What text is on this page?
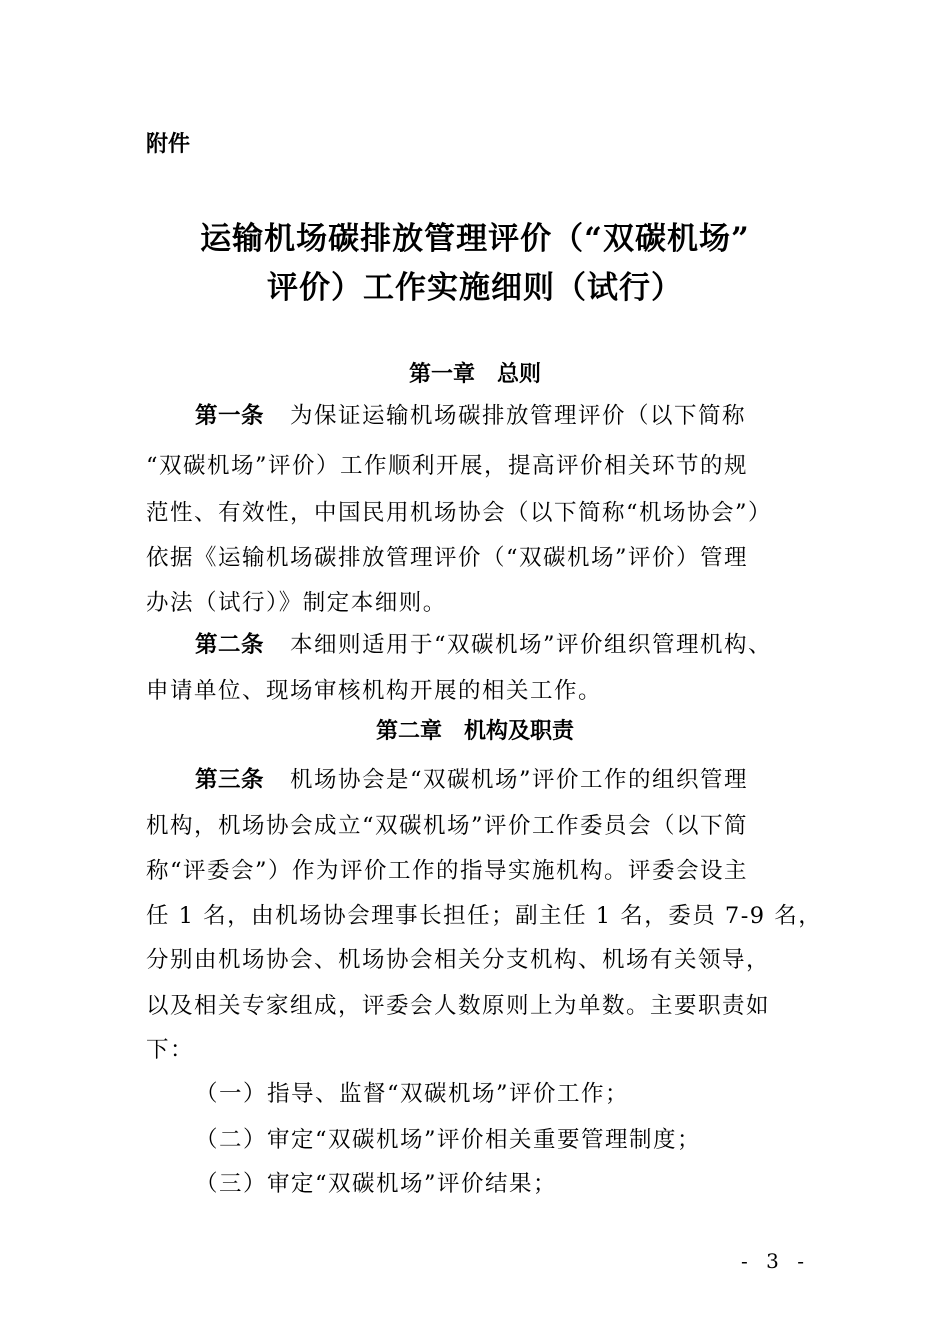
附件
运输机场碳排放管理评价（“双碳机场”
评价）工作实施细则（试行）
第一章　总则
第一条 为保证运输机场碳排放管理评价（以下简称
“双碳机场”评价）工作顺利开展，提高评价相关环节的规
范性、有效性，中国民用机场协会（以下简称“机场协会”）
依据《运输机场碳排放管理评价（“双碳机场”评价）管理
办法（试行）》制定本细则。
第二条 本细则适用于“双碳机场”评价组织管理机构、
申请单位、现场审核机构开展的相关工作。
第二章　机构及职责
第三条 机场协会是“双碳机场”评价工作的组织管理
机构，机场协会成立“双碳机场”评价工作委员会（以下简
称“评委会”）作为评价工作的指导实施机构。评委会设主
任 1 名，由机场协会理事长担任；副主任 1 名，委员 7-9 名，
分别由机场协会、机场协会相关分支机构、机场有关领导，
以及相关专家组成，评委会人数原则上为单数。主要职责如
下：
（一）指导、监督“双碳机场”评价工作；
（二）审定“双碳机场”评价相关重要管理制度；
（三）审定“双碳机场”评价结果；
- 3 -
